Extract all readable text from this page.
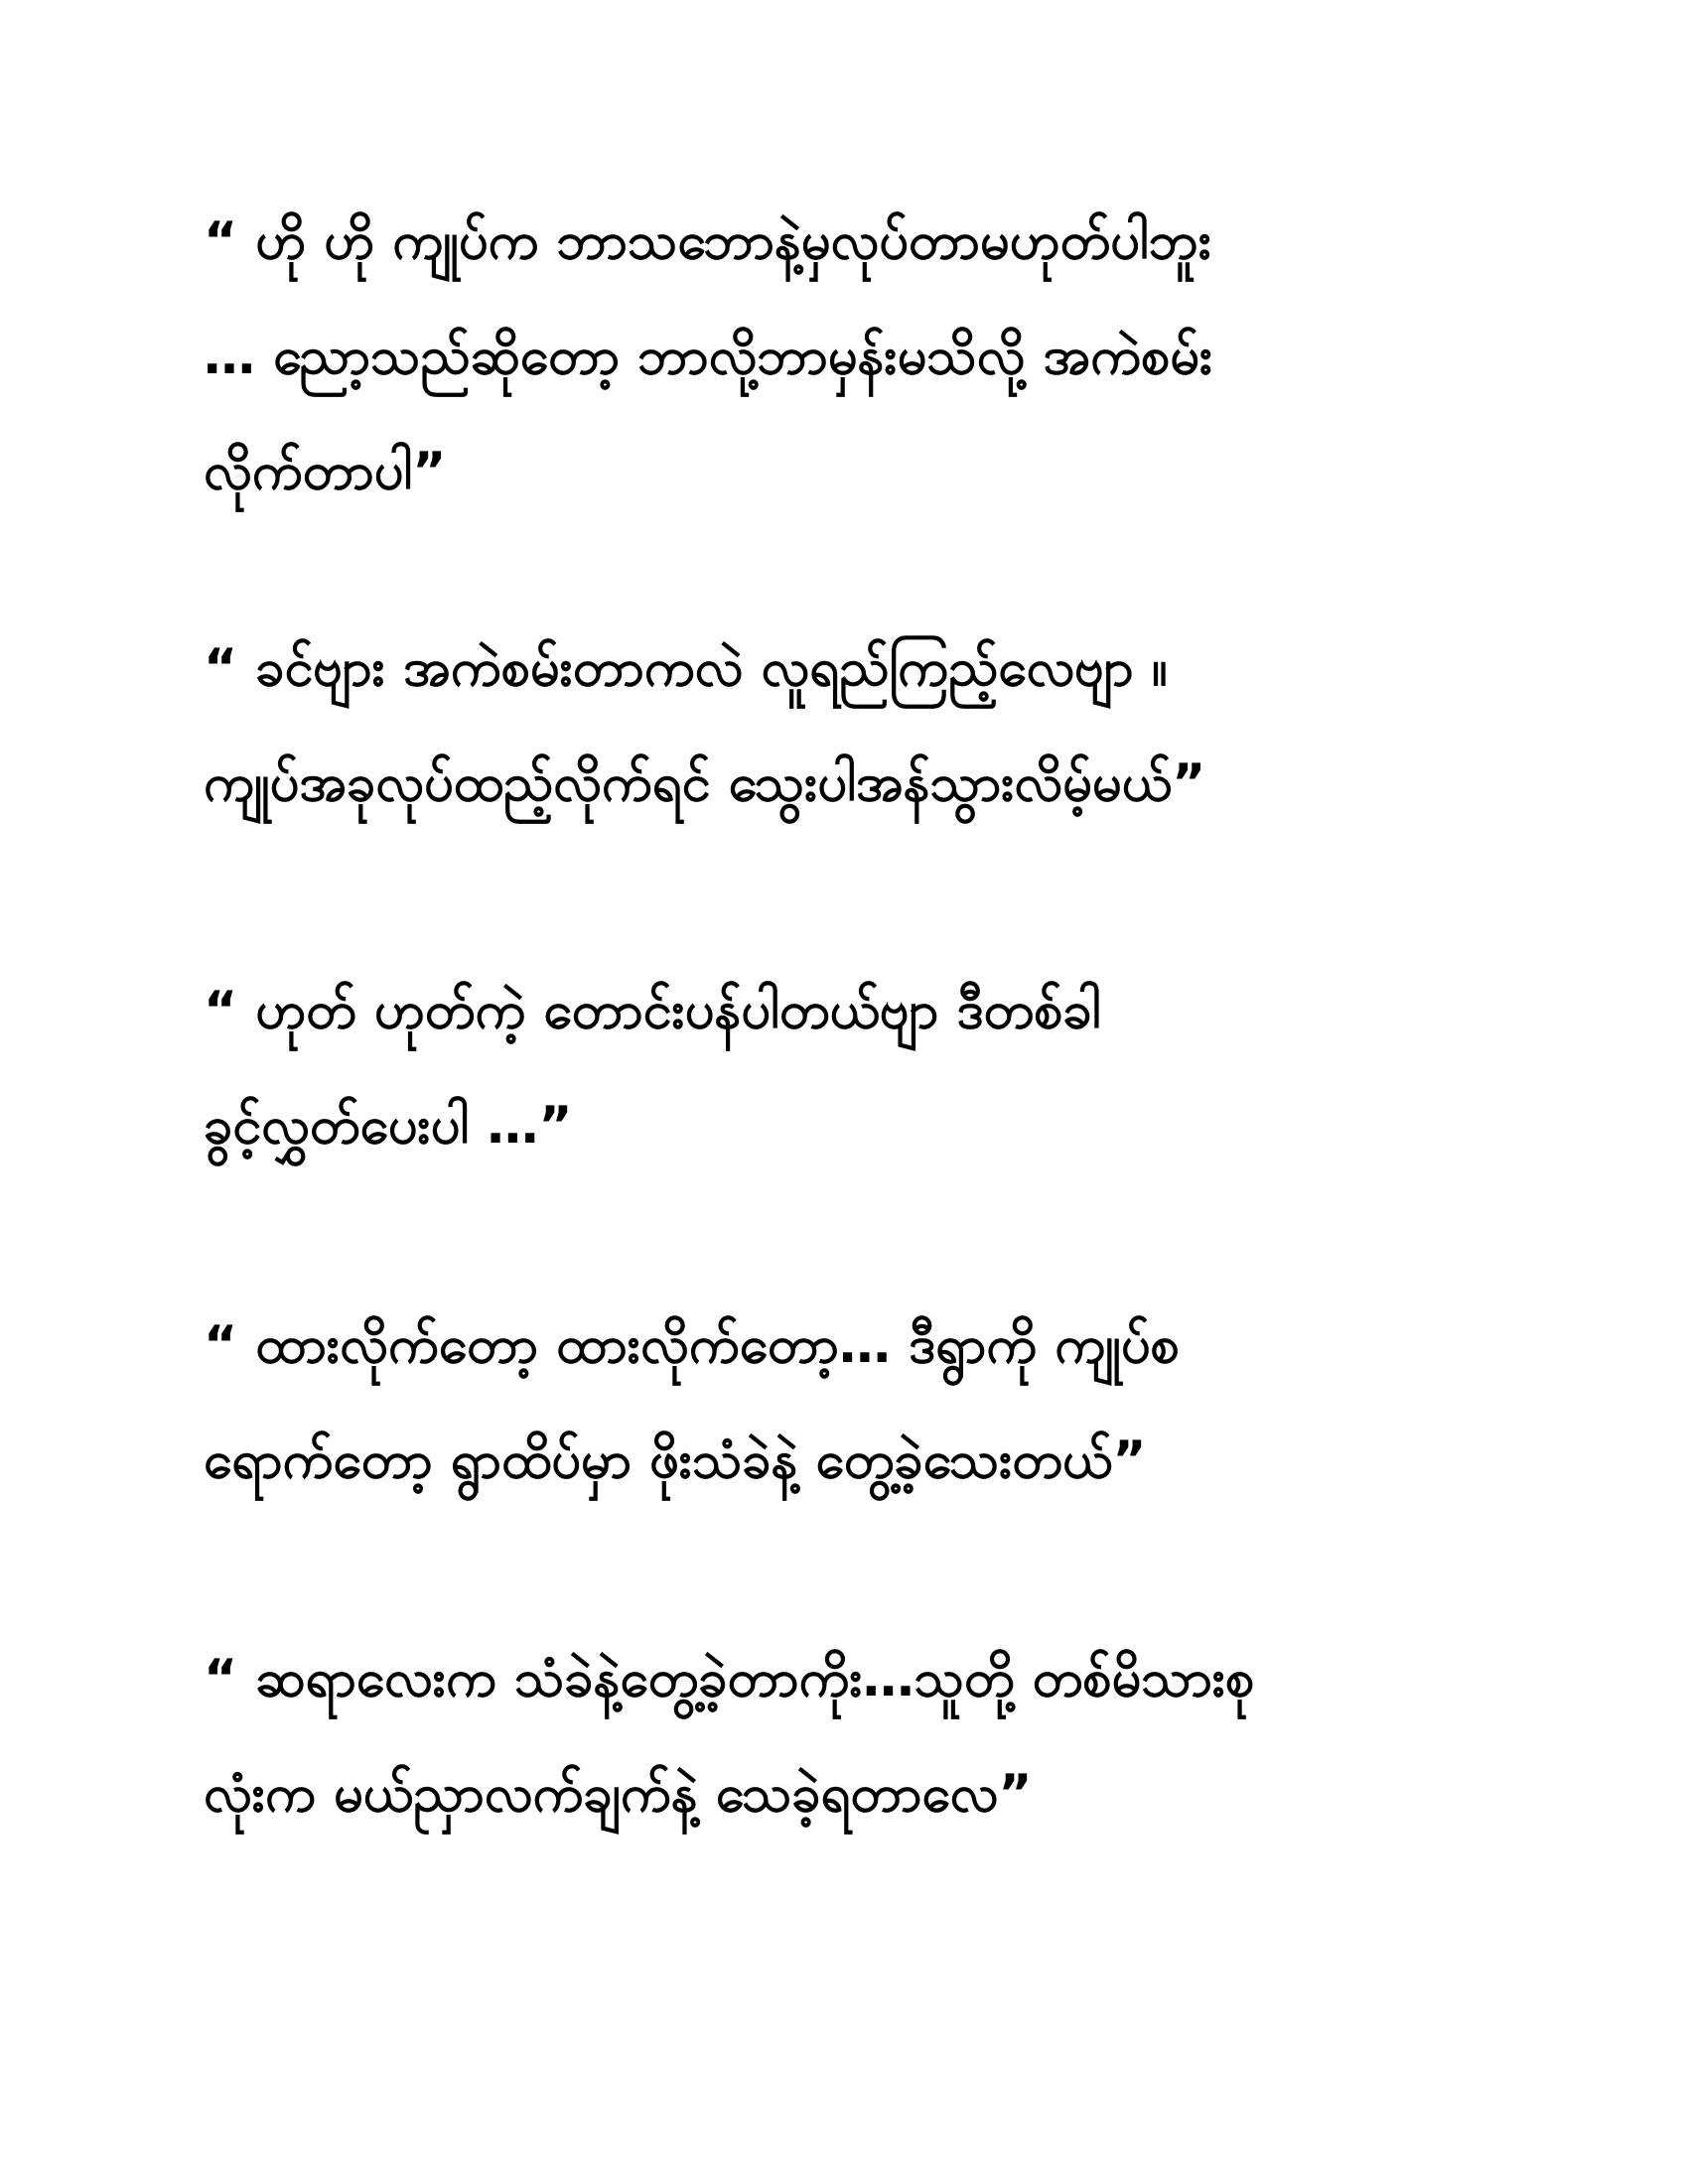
“ ဟို ဟို ကျုပ်က ဘာသဘောနဲ့မှလုပ်တာမဟုတ်ပါဘူး
… ညော့သည်ဆိုတော့ ဘာလို့ဘာမှန်းမသိလို့ အကဲစမ်း
လိုက်တာပါ”

“ ခင်ဗျား အကဲစမ်းတာကလဲ လူရည်ကြည့်လေဗျာ ။
ကျုပ်အခုလုပ်ထည့်လိုက်ရင် သွေးပါအန်သွားလိမ့်မယ်”

“ ဟုတ် ဟုတ်ကဲ့ တောင်းပန်ပါတယ်ဗျာ ဒီတစ်ခါ
ခွင့်လွှတ်ပေးပါ …”

“ ထားလိုက်တော့ ထားလိုက်တော့… ဒီရွာကို ကျုပ်စ
ရောက်တော့ ရွာထိပ်မှာ ဖိုးသံခဲနဲ့ တွေ့ခဲ့သေးတယ်”

“ ဆရာလေးက သံခဲနဲ့တွေ့ခဲ့တာကိုး…သူတို့ တစ်မိသားစု
လုံးက မယ်ညှာလက်ချက်နဲ့ သေခဲ့ရတာလေ”
